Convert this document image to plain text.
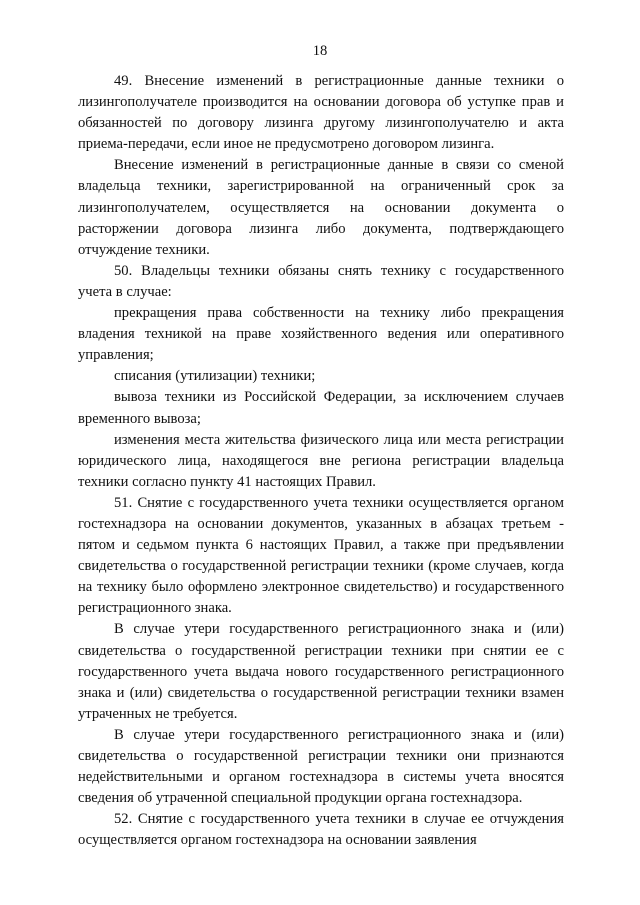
18

49. Внесение изменений в регистрационные данные техники о лизингополучателе производится на основании договора об уступке прав и обязанностей по договору лизинга другому лизингополучателю и акта приема-передачи, если иное не предусмотрено договором лизинга.

Внесение изменений в регистрационные данные в связи со сменой владельца техники, зарегистрированной на ограниченный срок за лизингополучателем, осуществляется на основании документа о расторжении договора лизинга либо документа, подтверждающего отчуждение техники.

50. Владельцы техники обязаны снять технику с государственного учета в случае:

прекращения права собственности на технику либо прекращения владения техникой на праве хозяйственного ведения или оперативного управления;

списания (утилизации) техники;

вывоза техники из Российской Федерации, за исключением случаев временного вывоза;

изменения места жительства физического лица или места регистрации юридического лица, находящегося вне региона регистрации владельца техники согласно пункту 41 настоящих Правил.

51. Снятие с государственного учета техники осуществляется органом гостехнадзора на основании документов, указанных в абзацах третьем - пятом и седьмом пункта 6 настоящих Правил, а также при предъявлении свидетельства о государственной регистрации техники (кроме случаев, когда на технику было оформлено электронное свидетельство) и государственного регистрационного знака.

В случае утери государственного регистрационного знака и (или) свидетельства о государственной регистрации техники при снятии ее с государственного учета выдача нового государственного регистрационного знака и (или) свидетельства о государственной регистрации техники взамен утраченных не требуется.

В случае утери государственного регистрационного знака и (или) свидетельства о государственной регистрации техники они признаются недействительными и органом гостехнадзора в системы учета вносятся сведения об утраченной специальной продукции органа гостехнадзора.

52. Снятие с государственного учета техники в случае ее отчуждения осуществляется органом гостехнадзора на основании заявления
